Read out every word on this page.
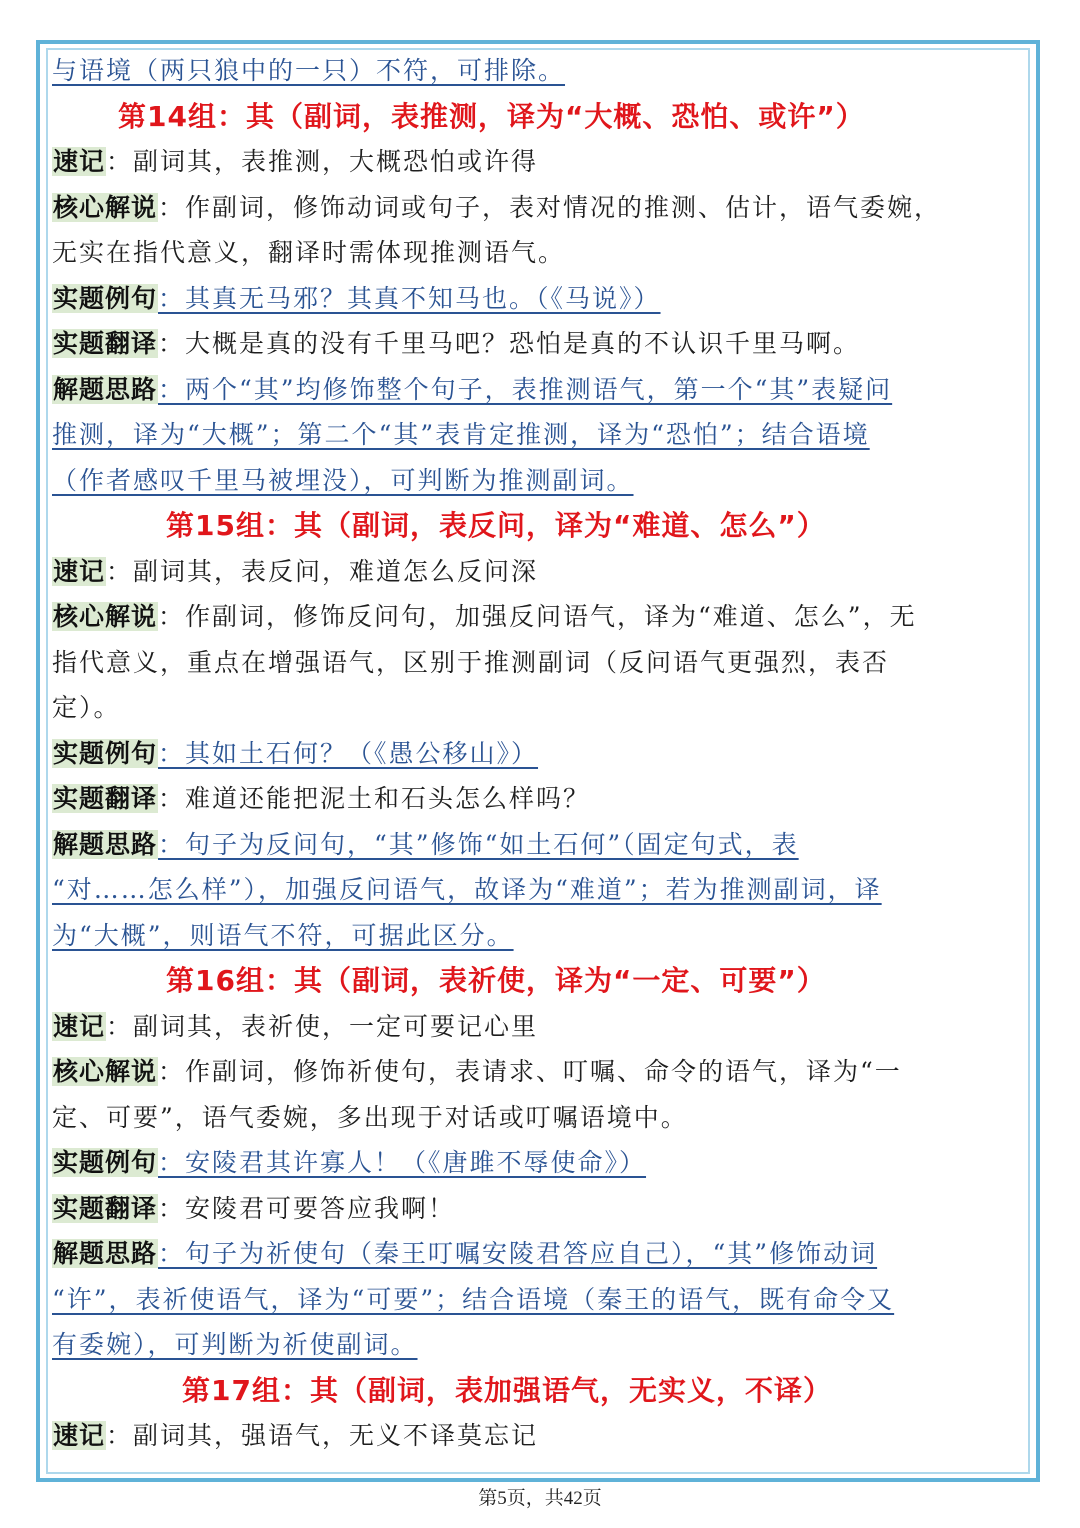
与语境（两只狼中的一只）不符，可排除。
第14组：其（副词，表推测，译为“大概、恐怕、或许”）
速记：副词其，表推测，大概恐怕或许得
核心解说：作副词，修饰动词或句子，表对情况的推测、估计，语气委婉，
无实在指代意义，翻译时需体现推测语气。
实题例句：其真无马邪？其真不知马也。（《马说》）
实题翻译：大概是真的没有千里马吧？恐怕是真的不认识千里马啊。
解题思路：两个“其”均修饰整个句子，表推测语气，第一个“其”表疑问
推测，译为“大概”；第二个“其”表肯定推测，译为“恐怕”；结合语境
（作者感叹千里马被埋没），可判断为推测副词。
第15组：其（副词，表反问，译为“难道、怎么”）
速记：副词其，表反问，难道怎么反问深
核心解说：作副词，修饰反问句，加强反问语气，译为“难道、怎么”，无
指代意义，重点在增强语气，区别于推测副词（反问语气更强烈，表否
定）。
实题例句：其如土石何？（《愚公移山》）
实题翻译：难道还能把泥土和石头怎么样吗？
解题思路：句子为反问句，“其”修饰“如土石何”（固定句式，表
“对……怎么样”），加强反问语气，故译为“难道”；若为推测副词，译
为“大概”，则语气不符，可据此区分。
第16组：其（副词，表祈使，译为“一定、可要”）
速记：副词其，表祈使，一定可要记心里
核心解说：作副词，修饰祈使句，表请求、叮嘱、命令的语气，译为“一
定、可要”，语气委婉，多出现于对话或叮嘱语境中。
实题例句：安陵君其许寡人！（《唐雎不辱使命》）
实题翻译：安陵君可要答应我啊！
解题思路：句子为祈使句（秦王叮嘱安陵君答应自己），“其”修饰动词
“许”，表祈使语气，译为“可要”；结合语境（秦王的语气，既有命令又
有委婉），可判断为祈使副词。
第17组：其（副词，表加强语气，无实义，不译）
速记：副词其，强语气，无义不译莫忘记
第5页，共42页
